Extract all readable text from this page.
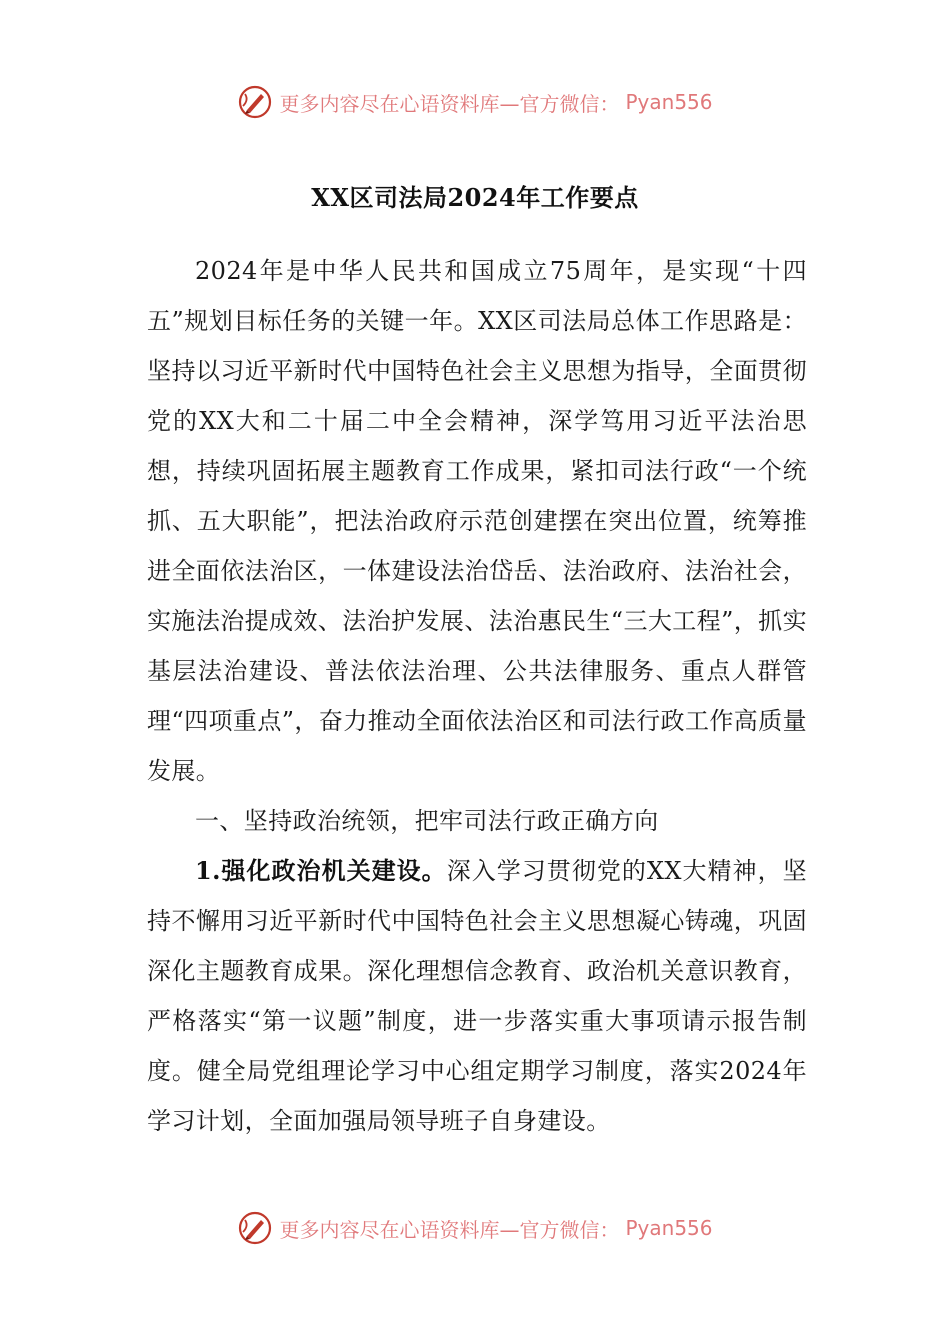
更多内容尽在心语资料库—官方微信： Pyan556
XX区司法局2024年工作要点

2024年是中华人民共和国成立75周年，是实现“十四五”规划目标任务的关键一年。XX区司法局总体工作思路是：坚持以习近平新时代中国特色社会主义思想为指导，全面贯彻党的XX大和二十届二中全会精神，深学笃用习近平法治思想，持续巩固拓展主题教育工作成果，紧扣司法行政“一个统抓、五大职能”，把法治政府示范创建摆在突出位置，统筹推进全面依法治区，一体建设法治岱岳、法治政府、法治社会，实施法治提成效、法治护发展、法治惠民生“三大工程”，抓实基层法治建设、普法依法治理、公共法律服务、重点人群管理“四项重点”，奋力推动全面依法治区和司法行政工作高质量发展。

一、坚持政治统领，把牢司法行政正确方向

1.强化政治机关建设。深入学习贯彻党的XX大精神，坚持不懈用习近平新时代中国特色社会主义思想凝心铸魂，巩固深化主题教育成果。深化理想信念教育、政治机关意识教育，严格落实“第一议题”制度，进一步落实重大事项请示报告制度。健全局党组理论学习中心组定期学习制度，落实2024年学习计划，全面加强局领导班子自身建设。

更多内容尽在心语资料库—官方微信： Pyan556
